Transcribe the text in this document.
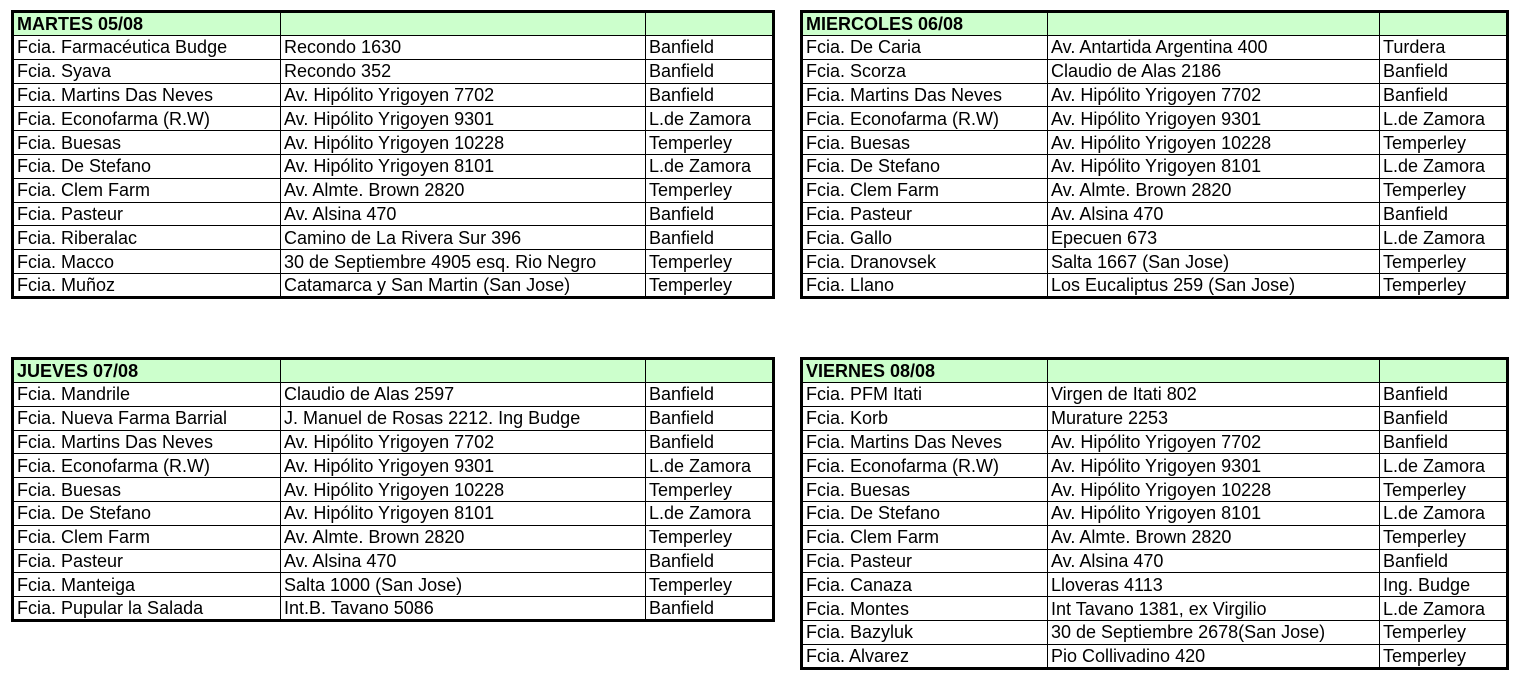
MARTES 05/08		
Fcia. Farmacéutica Budge	Recondo 1630	Banfield
Fcia. Syava	Recondo 352	Banfield
Fcia. Martins Das Neves	Av. Hipólito Yrigoyen 7702	Banfield
Fcia. Econofarma (R.W)	Av. Hipólito Yrigoyen 9301	L.de Zamora
Fcia. Buesas	Av. Hipólito Yrigoyen 10228	Temperley
Fcia. De Stefano	Av. Hipólito Yrigoyen 8101	L.de Zamora
Fcia. Clem Farm	Av. Almte. Brown 2820	Temperley
Fcia. Pasteur	Av. Alsina 470	Banfield
Fcia. Riberalac	Camino de La Rivera Sur 396	Banfield
Fcia. Macco	30 de Septiembre 4905 esq. Rio Negro	Temperley
Fcia. Muñoz	Catamarca y San Martin (San Jose)	Temperley
MIERCOLES 06/08		
Fcia. De Caria	Av. Antartida Argentina 400	Turdera
Fcia. Scorza	Claudio de Alas 2186	Banfield
Fcia. Martins Das Neves	Av. Hipólito Yrigoyen 7702	Banfield
Fcia. Econofarma (R.W)	Av. Hipólito Yrigoyen 9301	L.de Zamora
Fcia. Buesas	Av. Hipólito Yrigoyen 10228	Temperley
Fcia. De Stefano	Av. Hipólito Yrigoyen 8101	L.de Zamora
Fcia. Clem Farm	Av. Almte. Brown 2820	Temperley
Fcia. Pasteur	Av. Alsina 470	Banfield
Fcia. Gallo	Epecuen 673	L.de Zamora
Fcia. Dranovsek	Salta 1667 (San Jose)	Temperley
Fcia. Llano	Los Eucaliptus 259 (San Jose)	Temperley
JUEVES 07/08		
Fcia. Mandrile	Claudio de Alas 2597	Banfield
Fcia. Nueva Farma Barrial	J. Manuel de Rosas 2212. Ing Budge	Banfield
Fcia. Martins Das Neves	Av. Hipólito Yrigoyen 7702	Banfield
Fcia. Econofarma (R.W)	Av. Hipólito Yrigoyen 9301	L.de Zamora
Fcia. Buesas	Av. Hipólito Yrigoyen 10228	Temperley
Fcia. De Stefano	Av. Hipólito Yrigoyen 8101	L.de Zamora
Fcia. Clem Farm	Av. Almte. Brown 2820	Temperley
Fcia. Pasteur	Av. Alsina 470	Banfield
Fcia. Manteiga	Salta 1000 (San Jose)	Temperley
Fcia. Pupular la Salada	Int.B. Tavano 5086	Banfield
VIERNES 08/08		
Fcia. PFM Itati	Virgen de Itati 802	Banfield
Fcia. Korb	Murature 2253	Banfield
Fcia. Martins Das Neves	Av. Hipólito Yrigoyen 7702	Banfield
Fcia. Econofarma (R.W)	Av. Hipólito Yrigoyen 9301	L.de Zamora
Fcia. Buesas	Av. Hipólito Yrigoyen 10228	Temperley
Fcia. De Stefano	Av. Hipólito Yrigoyen 8101	L.de Zamora
Fcia. Clem Farm	Av. Almte. Brown 2820	Temperley
Fcia. Pasteur	Av. Alsina 470	Banfield
Fcia. Canaza	Lloveras 4113	Ing. Budge
Fcia. Montes	Int Tavano 1381, ex Virgilio	L.de Zamora
Fcia. Bazyluk	30 de Septiembre 2678(San Jose)	Temperley
Fcia. Alvarez	Pio Collivadino 420	Temperley
